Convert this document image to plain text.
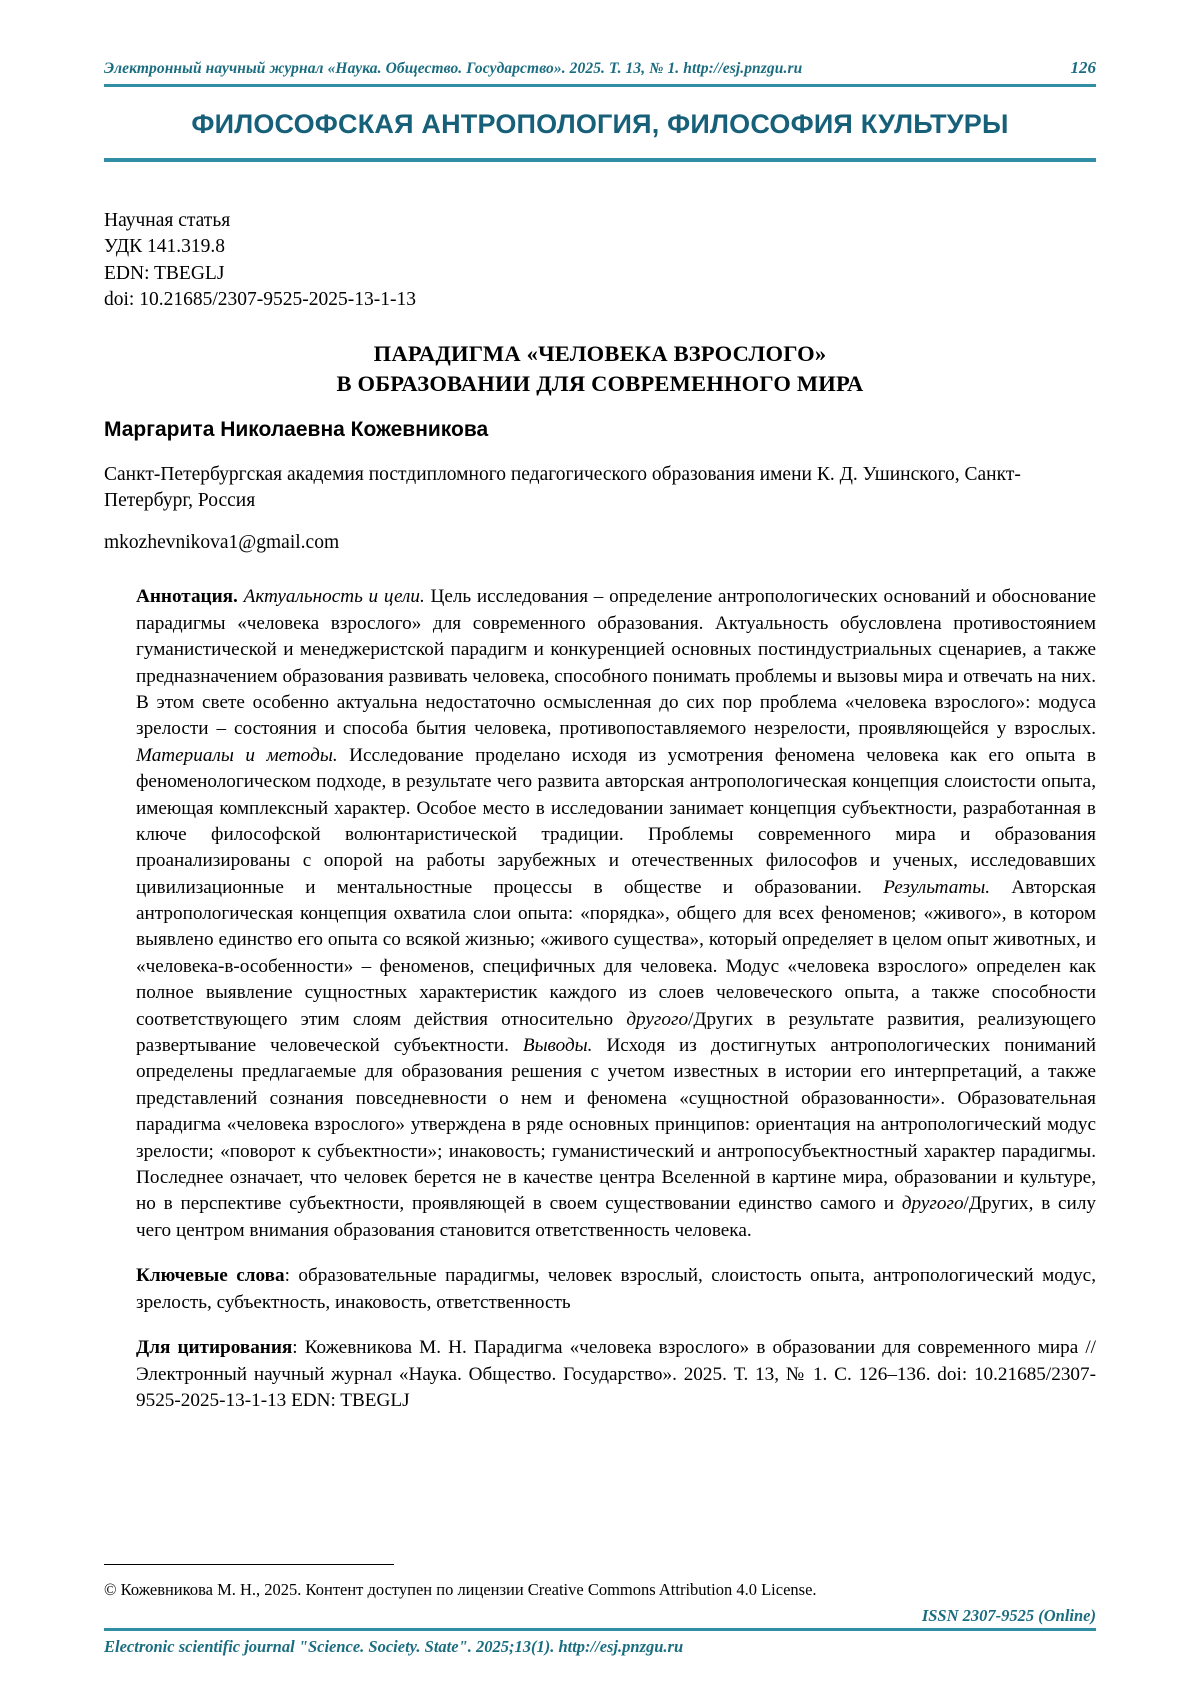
Электронный научный журнал «Наука. Общество. Государство». 2025. Т. 13, № 1. http://esj.pnzgu.ru	126
ФИЛОСОФСКАЯ АНТРОПОЛОГИЯ, ФИЛОСОФИЯ КУЛЬТУРЫ
Научная статья
УДК 141.319.8
EDN: TBEGLJ
doi: 10.21685/2307-9525-2025-13-1-13
ПАРАДИГМА «ЧЕЛОВЕКА ВЗРОСЛОГО»
В ОБРАЗОВАНИИ ДЛЯ СОВРЕМЕННОГО МИРА
Маргарита Николаевна Кожевникова
Санкт-Петербургская академия постдипломного педагогического образования имени К. Д. Ушинского, Санкт-Петербург, Россия
mkozhevnikova1@gmail.com

Аннотация. Актуальность и цели. Цель исследования – определение антропологических оснований и обоснование парадигмы «человека взрослого» для современного образования. Актуальность обусловлена противостоянием гуманистической и менеджеристской парадигм и конкуренцией основных постиндустриальных сценариев, а также предназначением образования развивать человека, способного понимать проблемы и вызовы мира и отвечать на них. В этом свете особенно актуальна недостаточно осмысленная до сих пор проблема «человека взрослого»: модуса зрелости – состояния и способа бытия человека, противопоставляемого незрелости, проявляющейся у взрослых. Материалы и методы. Исследование проделано исходя из усмотрения феномена человека как его опыта в феноменологическом подходе, в результате чего развита авторская антропологическая концепция слоистости опыта, имеющая комплексный характер. Особое место в исследовании занимает концепция субъектности, разработанная в ключе философской волюнтаристической традиции. Проблемы современного мира и образования проанализированы с опорой на работы зарубежных и отечественных философов и ученых, исследовавших цивилизационные и ментальностные процессы в обществе и образовании. Результаты. Авторская антропологическая концепция охватила слои опыта: «порядка», общего для всех феноменов; «живого», в котором выявлено единство его опыта со всякой жизнью; «живого существа», который определяет в целом опыт животных, и «человека-в-особенности» – феноменов, специфичных для человека. Модус «человека взрослого» определен как полное выявление сущностных характеристик каждого из слоев человеческого опыта, а также способности соответствующего этим слоям действия относительно другого/Других в результате развития, реализующего развертывание человеческой субъектности. Выводы. Исходя из достигнутых антропологических пониманий определены предлагаемые для образования решения с учетом известных в истории его интерпретаций, а также представлений сознания повседневности о нем и феномена «сущностной образованности». Образовательная парадигма «человека взрослого» утверждена в ряде основных принципов: ориентация на антропологический модус зрелости; «поворот к субъектности»; инаковость; гуманистический и антропосубъектностный характер парадигмы. Последнее означает, что человек берется не в качестве центра Вселенной в картине мира, образовании и культуре, но в перспективе субъектности, проявляющей в своем существовании единство самого и другого/Других, в силу чего центром внимания образования становится ответственность человека.

Ключевые слова: образовательные парадигмы, человек взрослый, слоистость опыта, антропологический модус, зрелость, субъектность, инаковость, ответственность

Для цитирования: Кожевникова М. Н. Парадигма «человека взрослого» в образовании для современного мира // Электронный научный журнал «Наука. Общество. Государство». 2025. Т. 13, № 1. С. 126–136. doi: 10.21685/2307-9525-2025-13-1-13 EDN: TBEGLJ

© Кожевникова М. Н., 2025. Контент доступен по лицензии Creative Commons Attribution 4.0 License.
ISSN 2307-9525 (Online)
Electronic scientific journal "Science. Society. State". 2025;13(1). http://esj.pnzgu.ru
